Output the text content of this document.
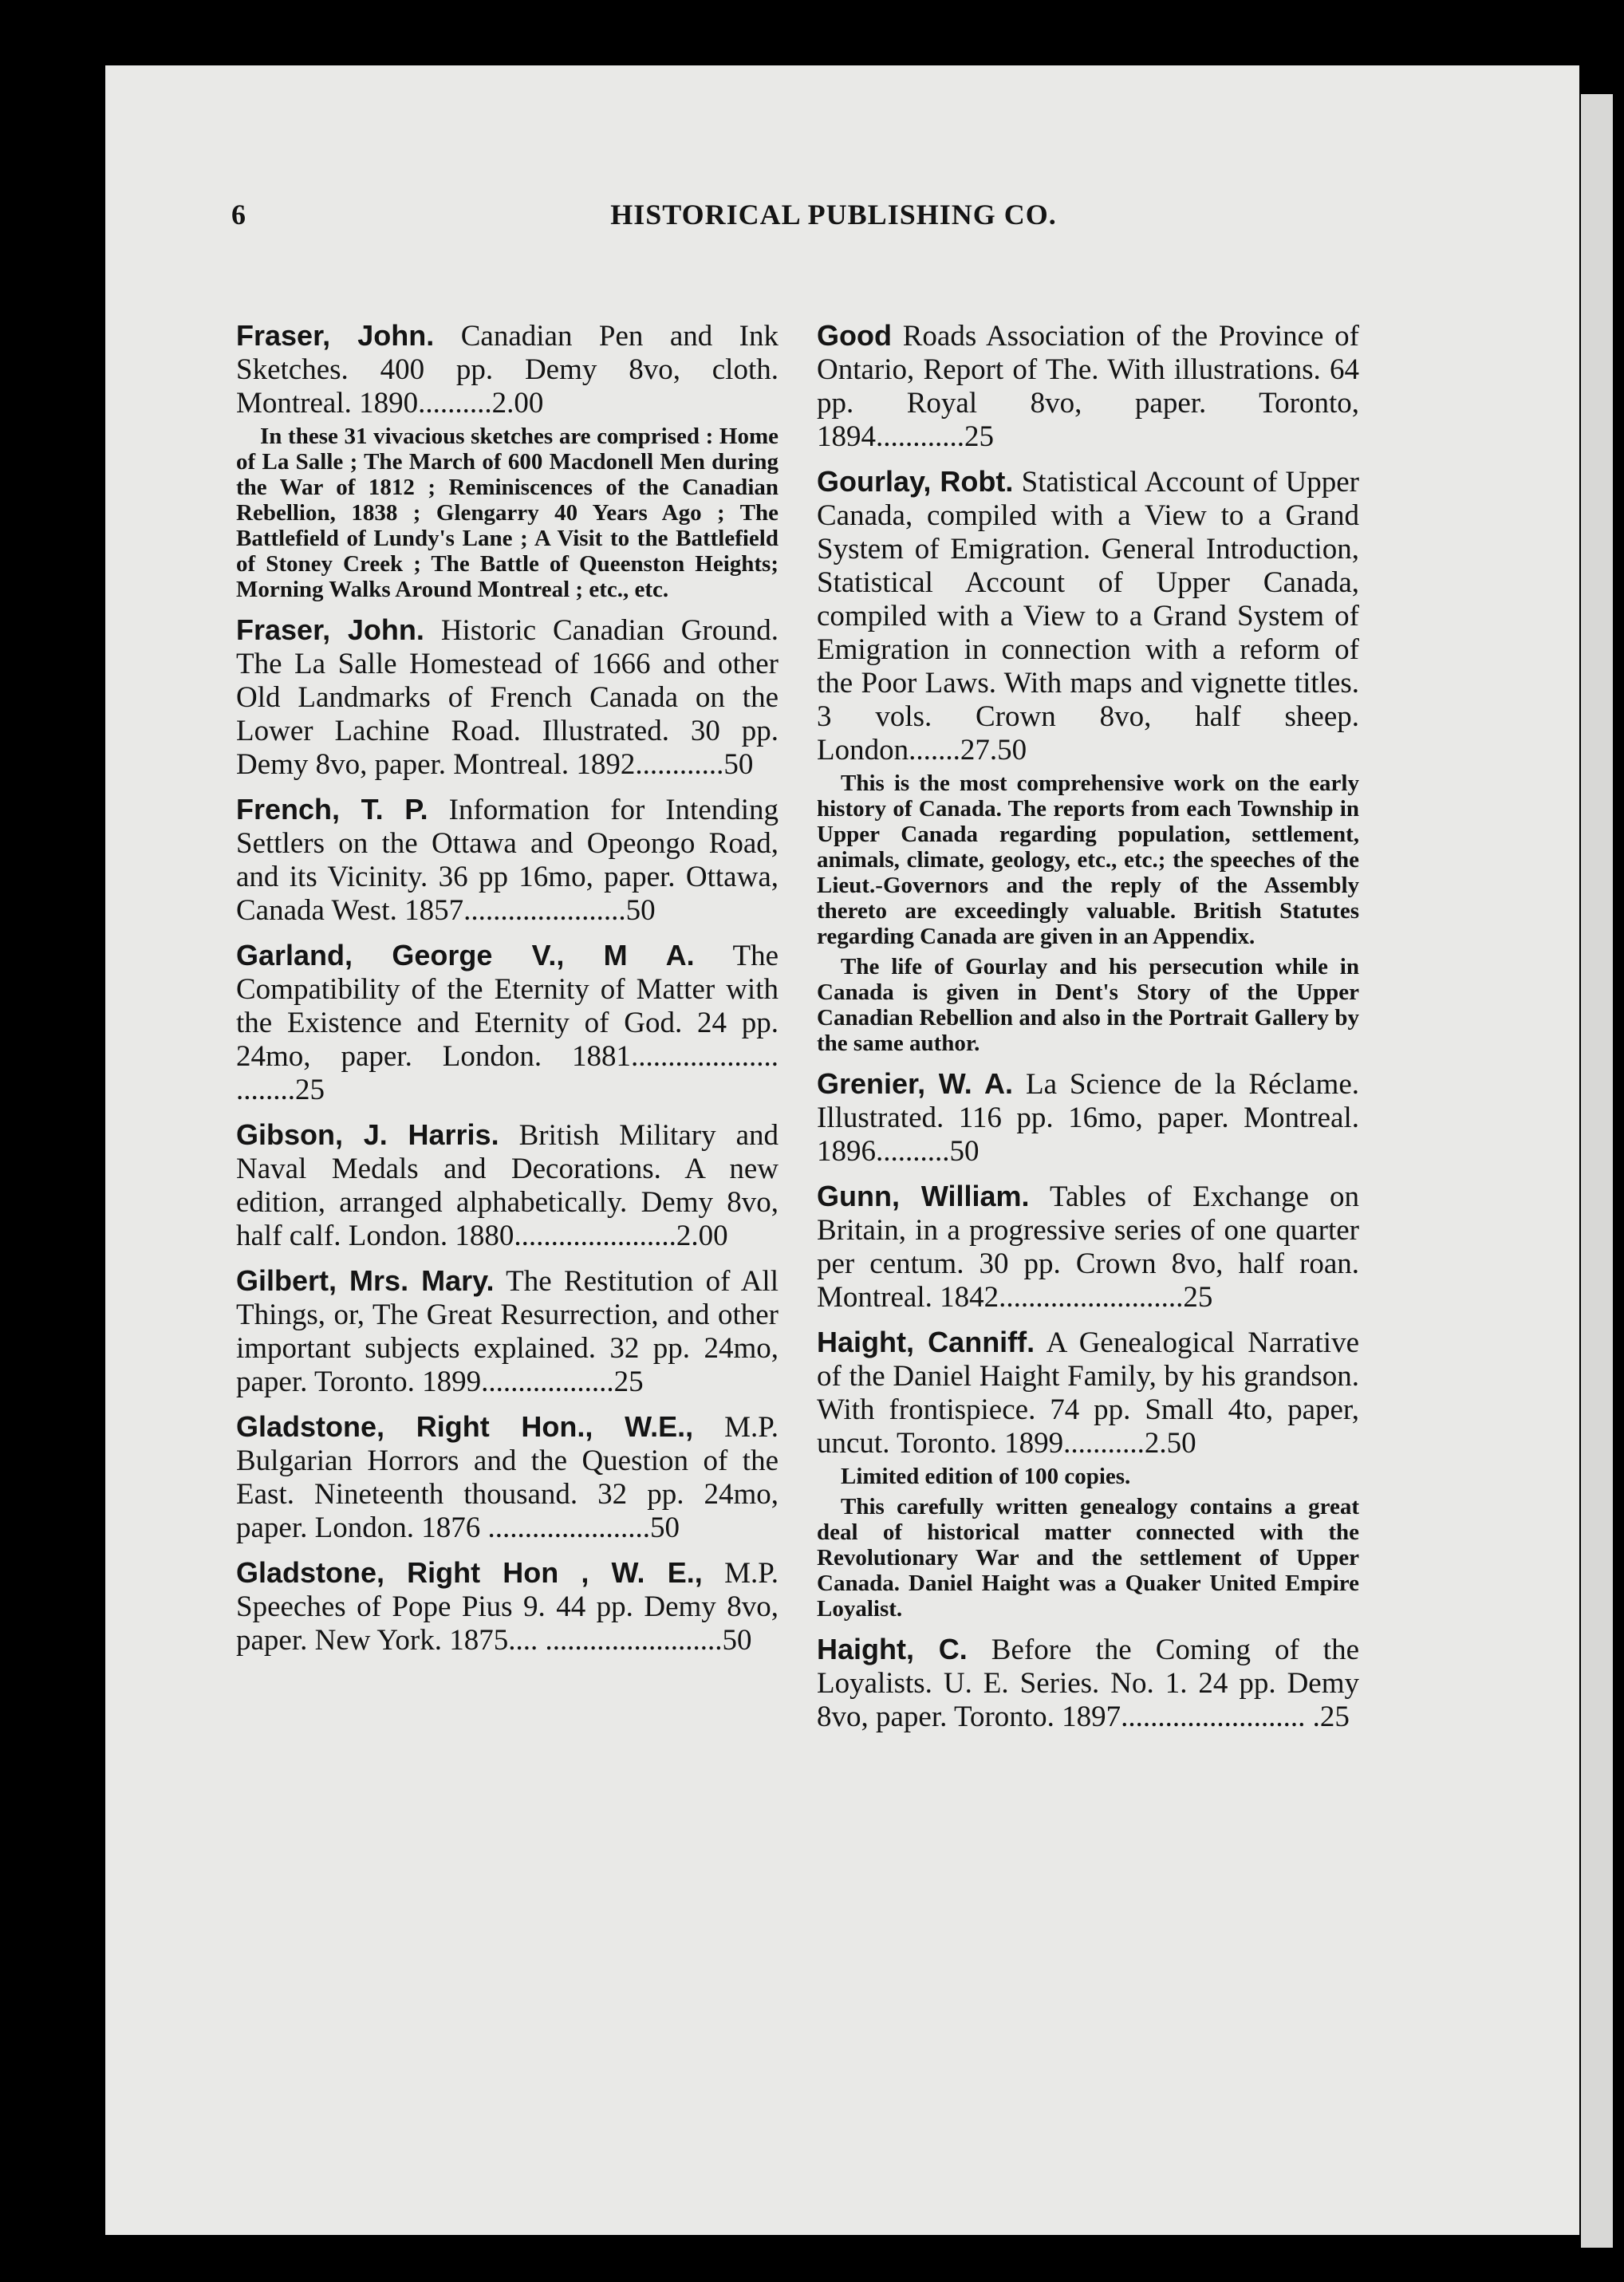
6	HISTORICAL PUBLISHING CO.
Fraser, John. Canadian Pen and Ink Sketches. 400 pp. Demy 8vo, cloth. Montreal. 1890..........2.00
In these 31 vivacious sketches are comprised : Home of La Salle ; The March of 600 Macdonell Men during the War of 1812 ; Reminiscences of the Canadian Rebellion, 1838 ; Glengarry 40 Years Ago ; The Battlefield of Lundy's Lane ; A Visit to the Battlefield of Stoney Creek ; The Battle of Queenston Heights; Morning Walks Around Montreal ; etc., etc.
Fraser, John. Historic Canadian Ground. The La Salle Homestead of 1666 and other Old Landmarks of French Canada on the Lower Lachine Road. Illustrated. 30 pp. Demy 8vo, paper. Montreal. 1892............50
French, T. P. Information for Intending Settlers on the Ottawa and Opeongo Road, and its Vicinity. 36 pp 16mo, paper. Ottawa, Canada West. 1857......................50
Garland, George V., M A. The Compatibility of the Eternity of Matter with the Existence and Eternity of God. 24 pp. 24mo, paper. London. 1881.................... ........25
Gibson, J. Harris. British Military and Naval Medals and Decorations. A new edition, arranged alphabetically. Demy 8vo, half calf. London. 1880......................2.00
Gilbert, Mrs. Mary. The Restitution of All Things, or, The Great Resurrection, and other important subjects explained. 32 pp. 24mo, paper. Toronto. 1899..................25
Gladstone, Right Hon., W.E., M.P. Bulgarian Horrors and the Question of the East. Nineteenth thousand. 32 pp. 24mo, paper. London. 1876 ......................50
Gladstone, Right Hon , W. E., M.P. Speeches of Pope Pius 9. 44 pp. Demy 8vo, paper. New York. 1875.... ........................50
Good Roads Association of the Province of Ontario, Report of The. With illustrations. 64 pp. Royal 8vo, paper. Toronto, 1894............25
Gourlay, Robt. Statistical Account of Upper Canada, compiled with a View to a Grand System of Emigration. General Introduction, Statistical Account of Upper Canada, compiled with a View to a Grand System of Emigration in connection with a reform of the Poor Laws. With maps and vignette titles. 3 vols. Crown 8vo, half sheep. London.......27.50
This is the most comprehensive work on the early history of Canada. The reports from each Township in Upper Canada regarding population, settlement, animals, climate, geology, etc., etc.; the speeches of the Lieut.-Governors and the reply of the Assembly thereto are exceedingly valuable. British Statutes regarding Canada are given in an Appendix.
The life of Gourlay and his persecution while in Canada is given in Dent's Story of the Upper Canadian Rebellion and also in the Portrait Gallery by the same author.
Grenier, W. A. La Science de la Réclame. Illustrated. 116 pp. 16mo, paper. Montreal. 1896..........50
Gunn, William. Tables of Exchange on Britain, in a progressive series of one quarter per centum. 30 pp. Crown 8vo, half roan. Montreal. 1842.........................25
Haight, Canniff. A Genealogical Narrative of the Daniel Haight Family, by his grandson. With frontispiece. 74 pp. Small 4to, paper, uncut. Toronto. 1899...........2.50
Limited edition of 100 copies.
This carefully written genealogy contains a great deal of historical matter connected with the Revolutionary War and the settlement of Upper Canada. Daniel Haight was a Quaker United Empire Loyalist.
Haight, C. Before the Coming of the Loyalists. U. E. Series. No. 1. 24 pp. Demy 8vo, paper. Toronto. 1897......................... .25
